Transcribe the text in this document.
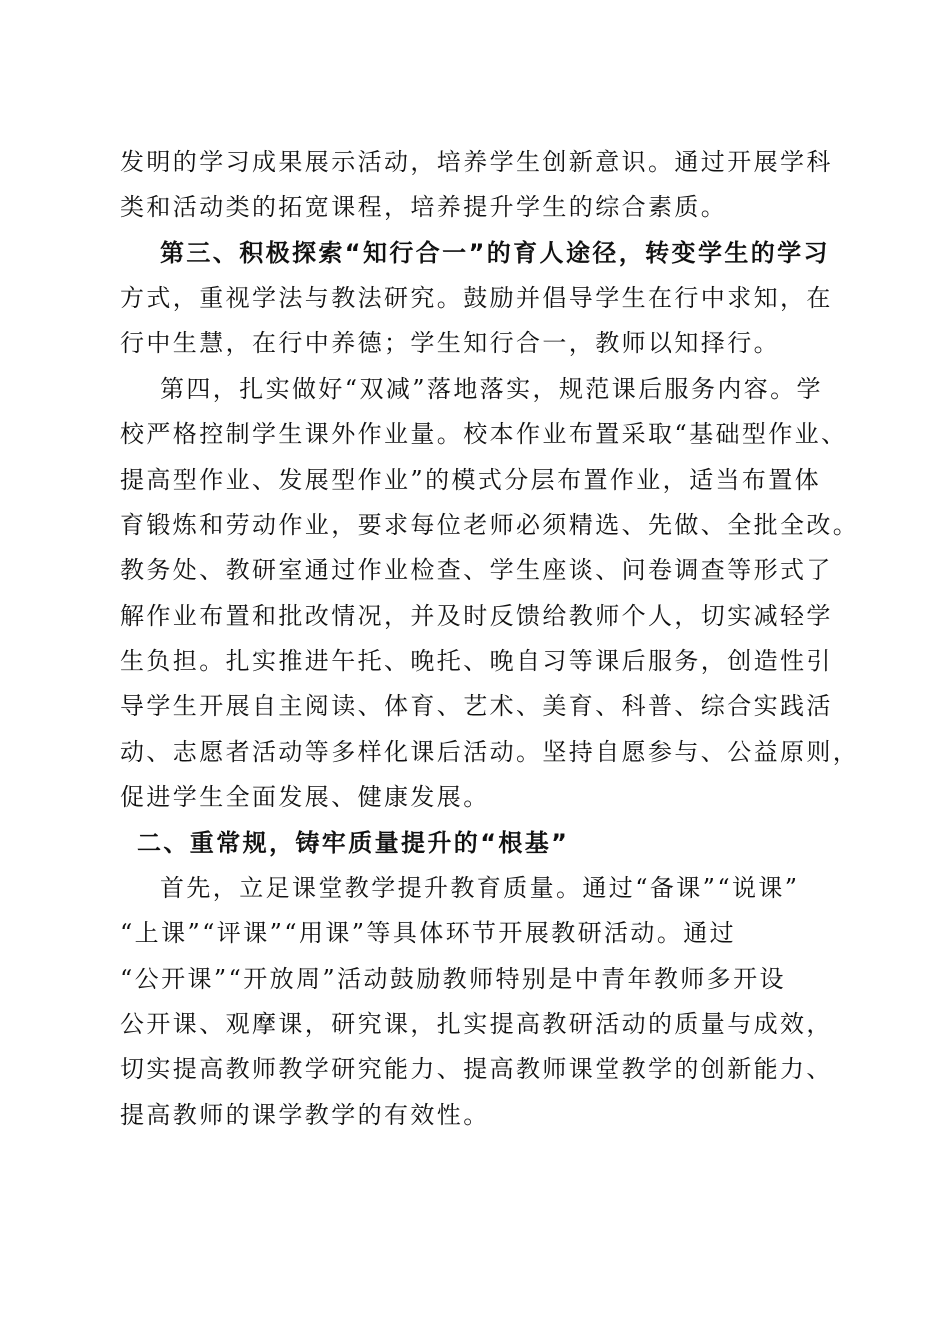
发明的学习成果展示活动，培养学生创新意识。通过开展学科
类和活动类的拓宽课程，培养提升学生的综合素质。
第三、积极探索“知行合一”的育人途径，转变学生的学习
方式，重视学法与教法研究。鼓励并倡导学生在行中求知，在
行中生慧，在行中养德；学生知行合一，教师以知择行。
第四，扎实做好“双减”落地落实，规范课后服务内容。学
校严格控制学生课外作业量。校本作业布置采取“基础型作业、
提高型作业、发展型作业”的模式分层布置作业，适当布置体
育锻炼和劳动作业，要求每位老师必须精选、先做、全批全改。
教务处、教研室通过作业检查、学生座谈、问卷调查等形式了
解作业布置和批改情况，并及时反馈给教师个人，切实减轻学
生负担。扎实推进午托、晚托、晚自习等课后服务，创造性引
导学生开展自主阅读、体育、艺术、美育、科普、综合实践活
动、志愿者活动等多样化课后活动。坚持自愿参与、公益原则，
促进学生全面发展、健康发展。
二、重常规，铸牢质量提升的“根基”
首先，立足课堂教学提升教育质量。通过“备课”“说课”
“上课”“评课”“用课”等具体环节开展教研活动。通过
“公开课”“开放周”活动鼓励教师特别是中青年教师多开设
公开课、观摩课，研究课，扎实提高教研活动的质量与成效，
切实提高教师教学研究能力、提高教师课堂教学的创新能力、
提高教师的课学教学的有效性。
